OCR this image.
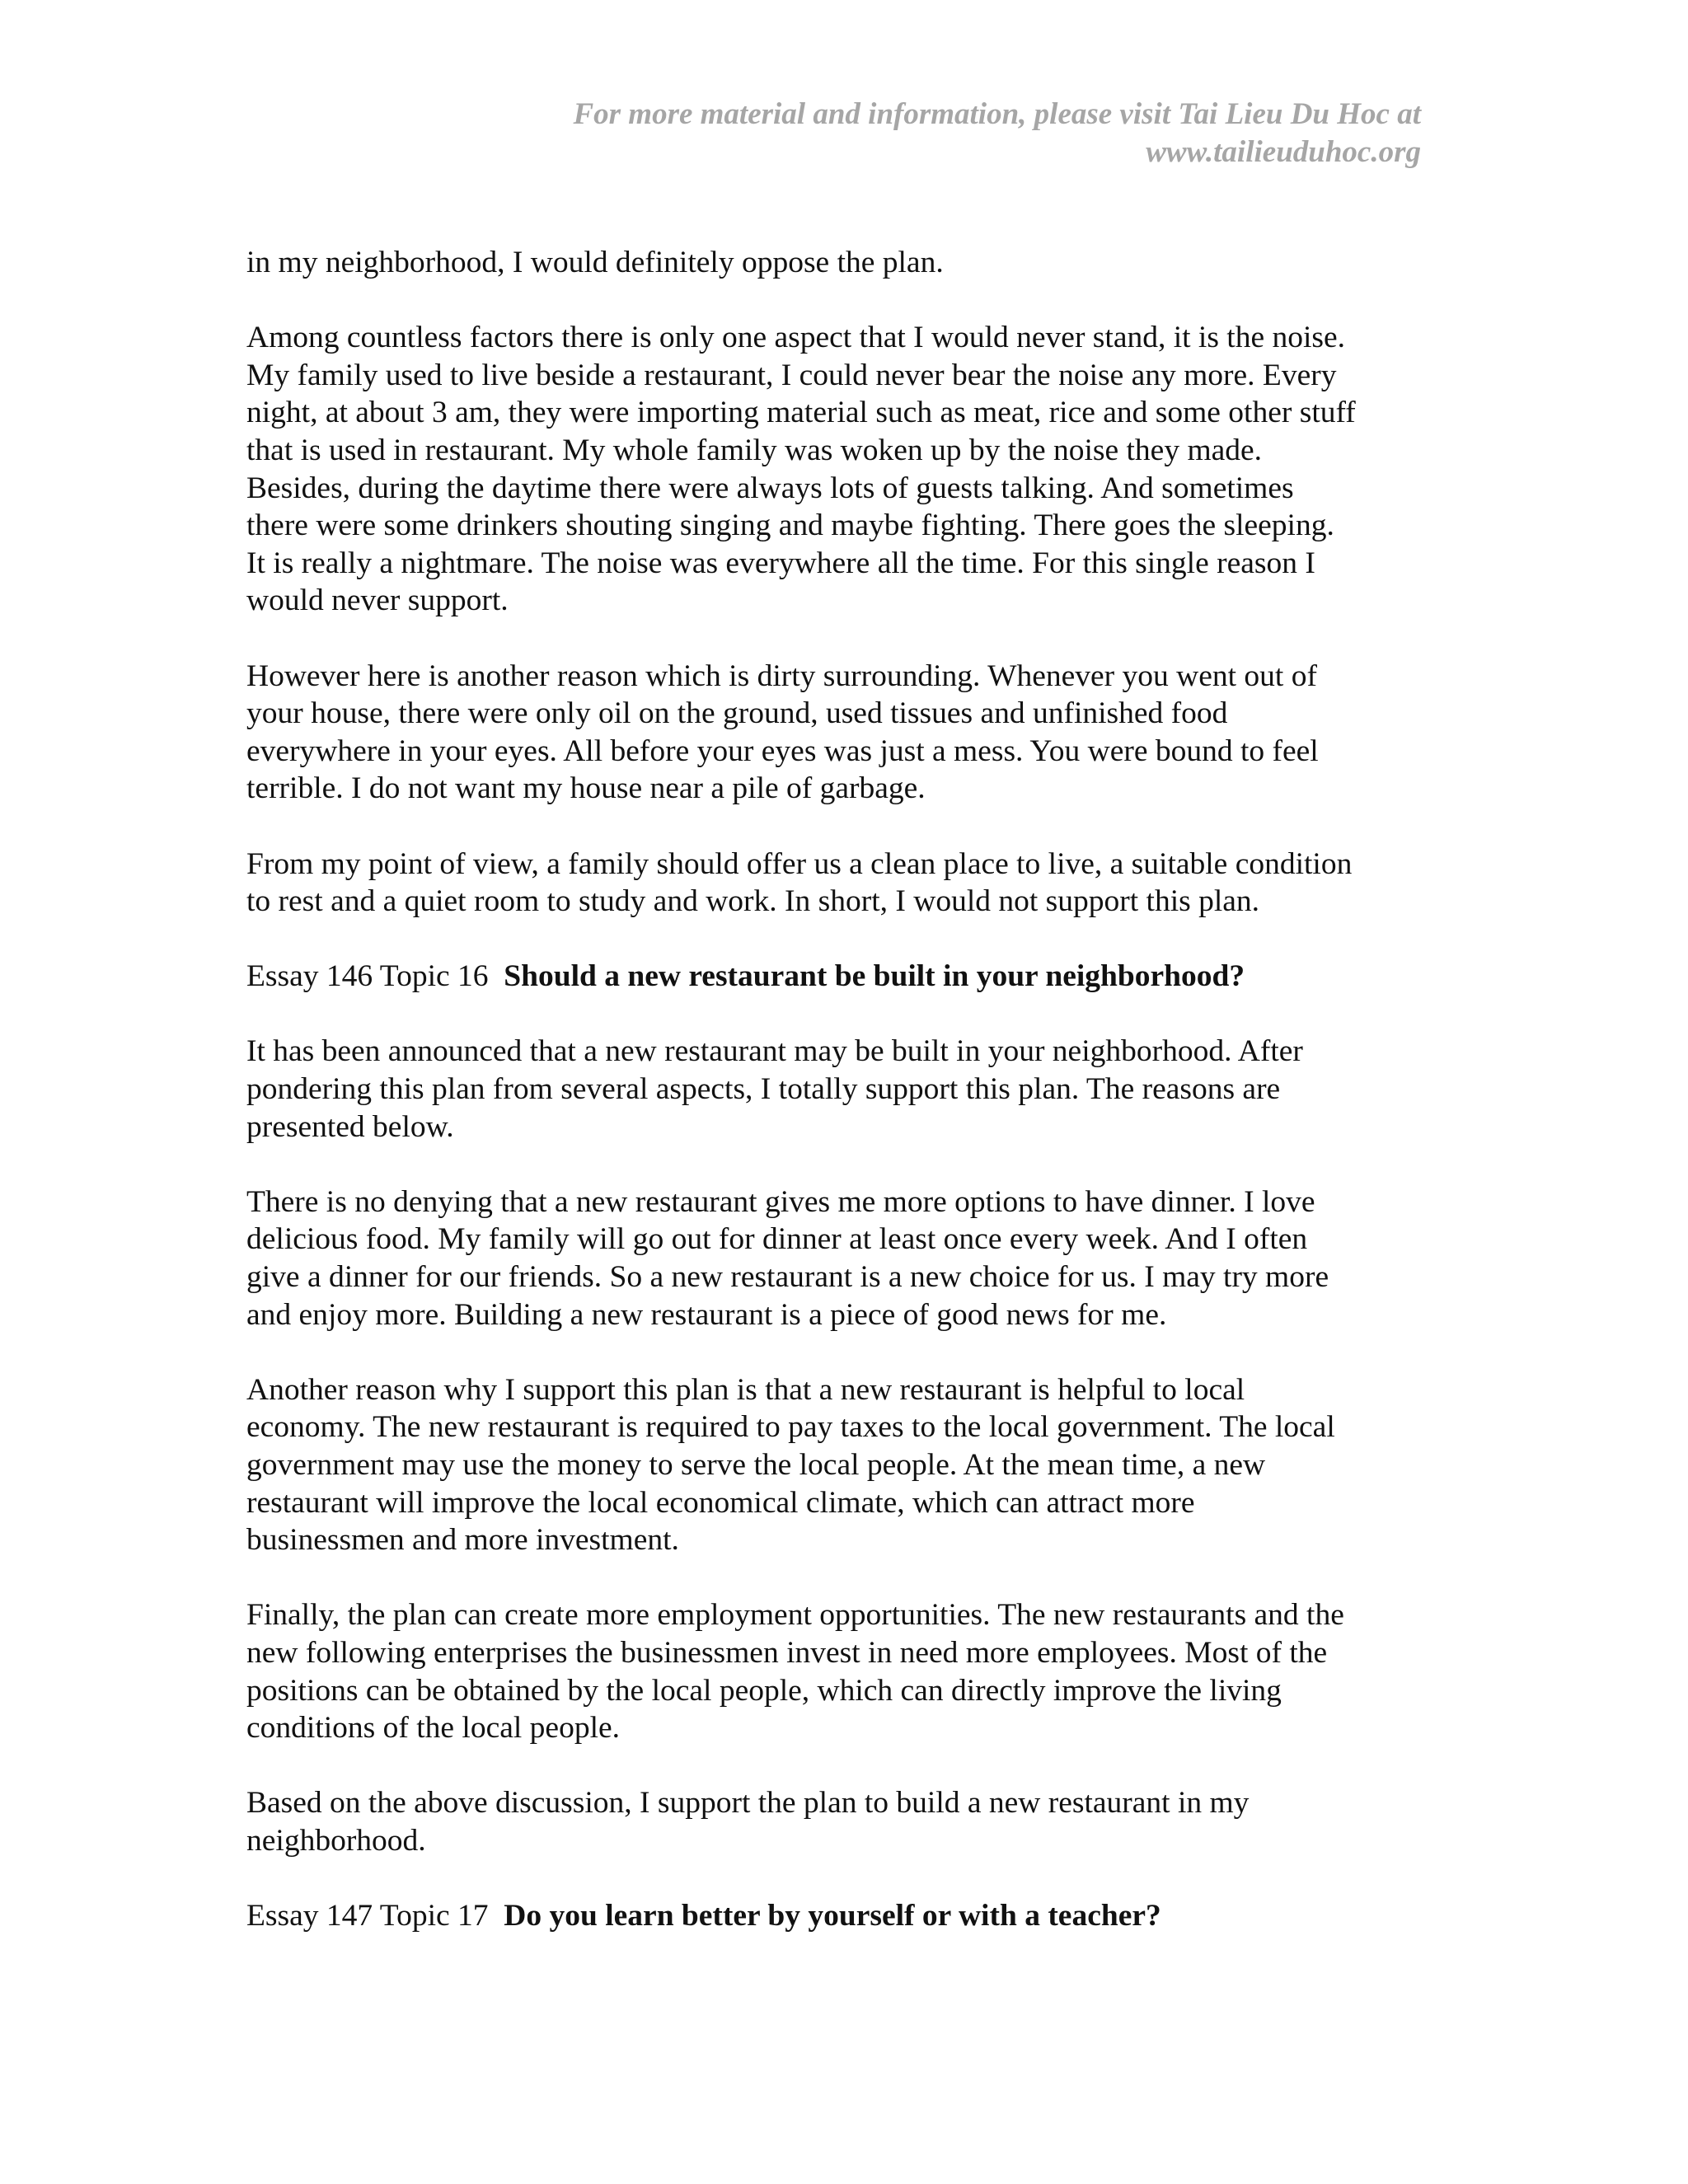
For more material and information, please visit Tai Lieu Du Hoc at
www.tailieuduhoc.org
in my neighborhood, I would definitely oppose the plan.
Among countless factors there is only one aspect that I would never stand, it is the noise.
My family used to live beside a restaurant, I could never bear the noise any more. Every
night, at about 3 am, they were importing material such as meat, rice and some other stuff
that is used in restaurant. My whole family was woken up by the noise they made.
Besides, during the daytime there were always lots of guests talking. And sometimes
there were some drinkers shouting singing and maybe fighting. There goes the sleeping.
It is really a nightmare. The noise was everywhere all the time. For this single reason I
would never support.
However here is another reason which is dirty surrounding. Whenever you went out of
your house, there were only oil on the ground, used tissues and unfinished food
everywhere in your eyes. All before your eyes was just a mess. You were bound to feel
terrible. I do not want my house near a pile of garbage.
From my point of view, a family should offer us a clean place to live, a suitable condition
to rest and a quiet room to study and work. In short, I would not support this plan.
Essay 146 Topic 16 Should a new restaurant be built in your neighborhood?
It has been announced that a new restaurant may be built in your neighborhood. After
pondering this plan from several aspects, I totally support this plan. The reasons are
presented below.
There is no denying that a new restaurant gives me more options to have dinner. I love
delicious food. My family will go out for dinner at least once every week. And I often
give a dinner for our friends. So a new restaurant is a new choice for us. I may try more
and enjoy more. Building a new restaurant is a piece of good news for me.
Another reason why I support this plan is that a new restaurant is helpful to local
economy. The new restaurant is required to pay taxes to the local government. The local
government may use the money to serve the local people. At the mean time, a new
restaurant will improve the local economical climate, which can attract more
businessmen and more investment.
Finally, the plan can create more employment opportunities. The new restaurants and the
new following enterprises the businessmen invest in need more employees. Most of the
positions can be obtained by the local people, which can directly improve the living
conditions of the local people.
Based on the above discussion, I support the plan to build a new restaurant in my
neighborhood.
Essay 147 Topic 17 Do you learn better by yourself or with a teacher?
